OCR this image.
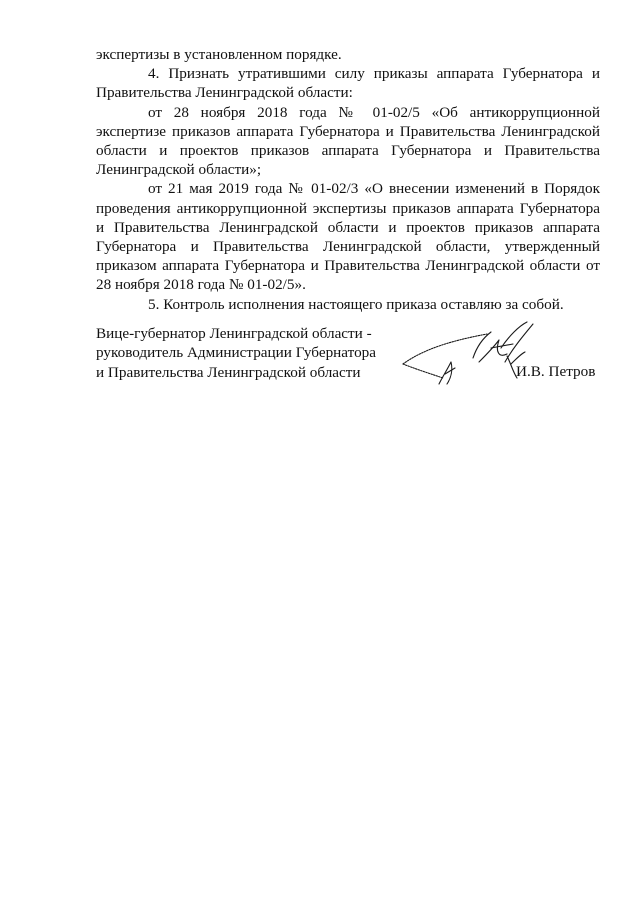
экспертизы в установленном порядке.

4. Признать утратившими силу приказы аппарата Губернатора и Правительства Ленинградской области:

от 28 ноября 2018 года № 01-02/5 «Об антикоррупционной экспертизе приказов аппарата Губернатора и Правительства Ленинградской области и проектов приказов аппарата Губернатора и Правительства Ленинградской области»;

от 21 мая 2019 года № 01-02/3 «О внесении изменений в Порядок проведения антикоррупционной экспертизы приказов аппарата Губернатора и Правительства Ленинградской области и проектов приказов аппарата Губернатора и Правительства Ленинградской области, утвержденный приказом аппарата Губернатора и Правительства Ленинградской области от 28 ноября 2018 года № 01-02/5».

5. Контроль исполнения настоящего приказа оставляю за собой.

Вице-губернатор Ленинградской области -
руководитель Администрации Губернатора
и Правительства Ленинградской области	И.В. Петров
